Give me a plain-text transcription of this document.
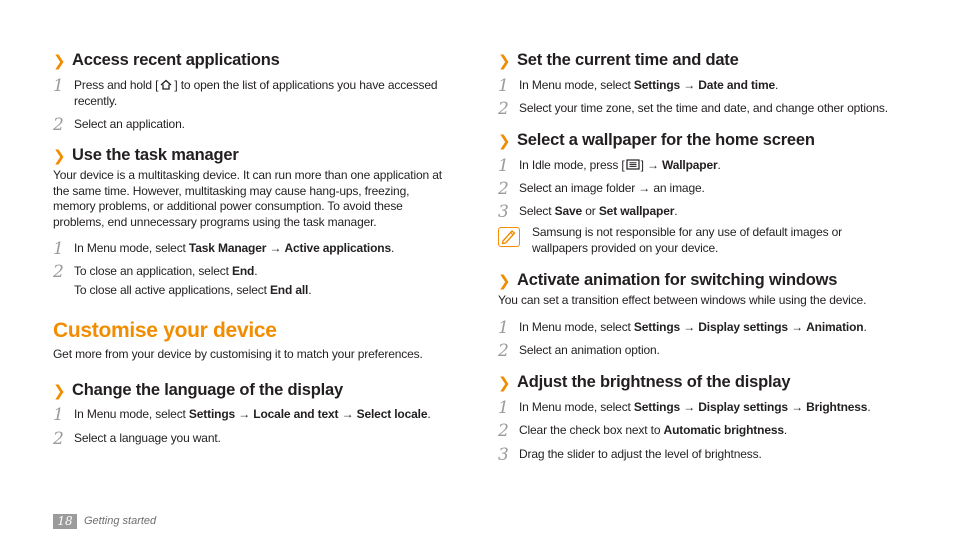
❯ Access recent applications
1 Press and hold [ ] to open the list of applications you have accessed
recently.
2 Select an application.
❯ Use the task manager
Your device is a multitasking device. It can run more than one application at the same time. However, multitasking may cause hang-ups, freezing, memory problems, or additional power consumption. To avoid these problems, end unnecessary programs using the task manager.
1 In Menu mode, select Task Manager → Active applications.
2 To close an application, select End.
To close all active applications, select End all.
Customise your device
Get more from your device by customising it to match your preferences.
❯ Change the language of the display
1 In Menu mode, select Settings → Locale and text → Select locale.
2 Select a language you want.
❯ Set the current time and date
1 In Menu mode, select Settings → Date and time.
2 Select your time zone, set the time and date, and change other options.
❯ Select a wallpaper for the home screen
1 In Idle mode, press [ ] → Wallpaper.
2 Select an image folder → an image.
3 Select Save or Set wallpaper.
Samsung is not responsible for any use of default images or
wallpapers provided on your device.
❯ Activate animation for switching windows
You can set a transition effect between windows while using the device.
1 In Menu mode, select Settings → Display settings → Animation.
2 Select an animation option.
❯ Adjust the brightness of the display
1 In Menu mode, select Settings → Display settings → Brightness.
2 Clear the check box next to Automatic brightness.
3 Drag the slider to adjust the level of brightness.
18	Getting started
